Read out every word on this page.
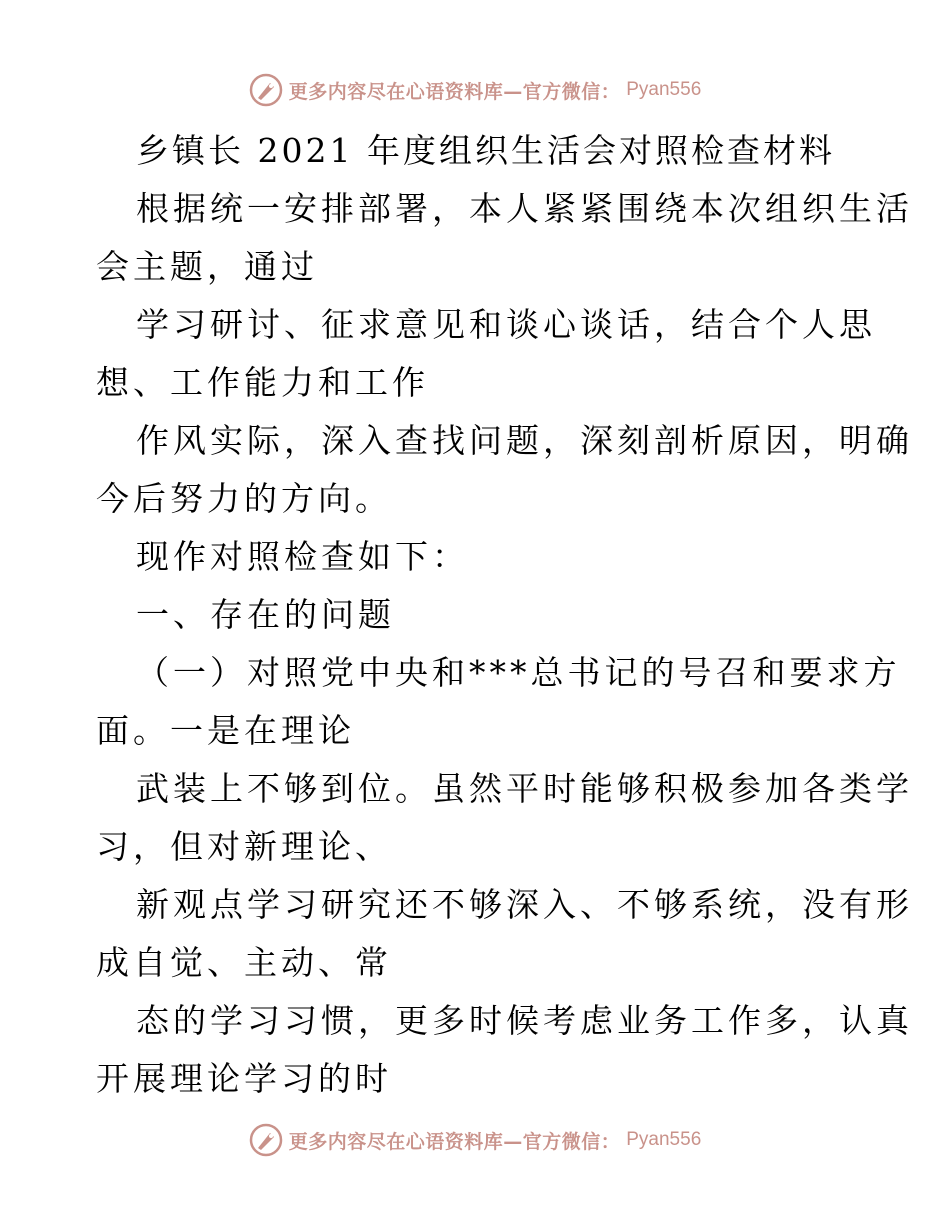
更多内容尽在心语资料库—官方微信： Pyan556

乡镇长 2021 年度组织生活会对照检查材料

根据统一安排部署，本人紧紧围绕本次组织生活
会主题，通过

学习研讨、征求意见和谈心谈话，结合个人思
想、工作能力和工作

作风实际，深入查找问题，深刻剖析原因，明确
今后努力的方向。

现作对照检查如下：

一、存在的问题

（一）对照党中央和***总书记的号召和要求方
面。一是在理论

武装上不够到位。虽然平时能够积极参加各类学
习，但对新理论、

新观点学习研究还不够深入、不够系统，没有形
成自觉、主动、常

态的学习习惯，更多时候考虑业务工作多，认真
开展理论学习的时

更多内容尽在心语资料库—官方微信： Pyan556
